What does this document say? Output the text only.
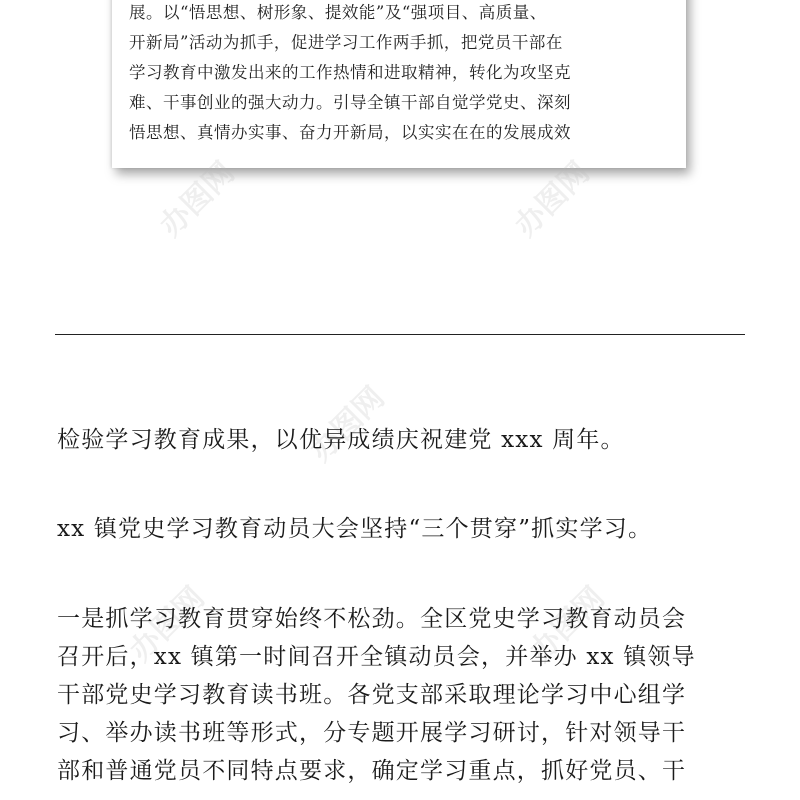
展。以“悟思想、树形象、提效能”及“强项目、高质量、
开新局”活动为抓手，促进学习工作两手抓，把党员干部在
学习教育中激发出来的工作热情和进取精神，转化为攻坚克
难、干事创业的强大动力。引导全镇干部自觉学党史、深刻
悟思想、真情办实事、奋力开新局，以实实在在的发展成效
办图网	办图网
办图网
办图网	办图网
检验学习教育成果，以优异成绩庆祝建党 xxx 周年。
xx 镇党史学习教育动员大会坚持“三个贯穿”抓实学习。
一是抓学习教育贯穿始终不松劲。全区党史学习教育动员会
召开后，xx 镇第一时间召开全镇动员会，并举办 xx 镇领导
干部党史学习教育读书班。各党支部采取理论学习中心组学
习、举办读书班等形式，分专题开展学习研讨，针对领导干
部和普通党员不同特点要求，确定学习重点，抓好党员、干
